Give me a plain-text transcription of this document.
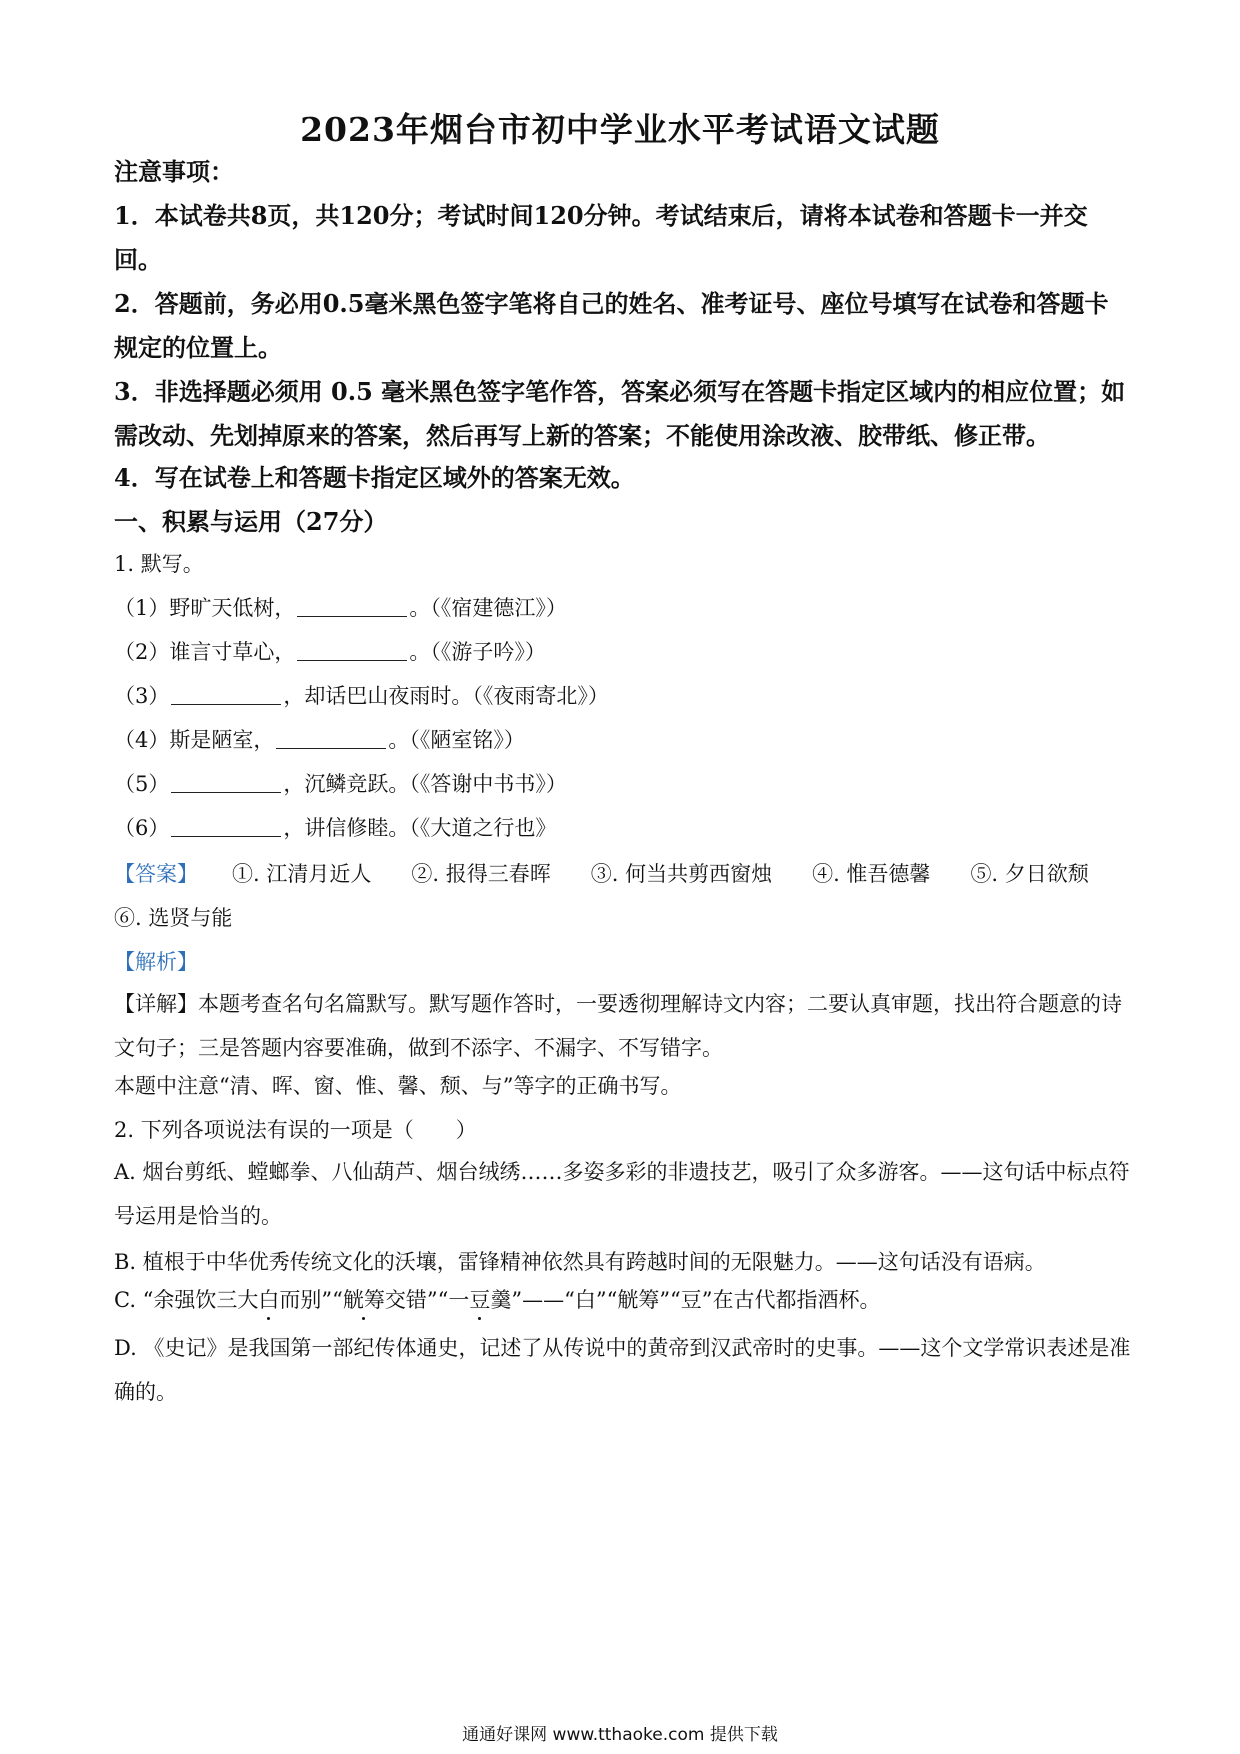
2023年烟台市初中学业水平考试语文试题
注意事项：
1．本试卷共8页，共120分；考试时间120分钟。考试结束后，请将本试卷和答题卡一并交回。
2．答题前，务必用0.5毫米黑色签字笔将自己的姓名、准考证号、座位号填写在试卷和答题卡规定的位置上。
3．非选择题必须用 0.5 毫米黑色签字笔作答，答案必须写在答题卡指定区域内的相应位置；如需改动、先划掉原来的答案，然后再写上新的答案；不能使用涂改液、胶带纸、修正带。
4．写在试卷上和答题卡指定区域外的答案无效。
一、积累与运用（27分）
1. 默写。
（1）野旷天低树，	。（《宿建德江》）
（2）谁言寸草心，	。（《游子吟》）
（3）	，却话巴山夜雨时。（《夜雨寄北》）
（4）斯是陋室，	。（《陋室铭》）
（5）	，沉鳞竞跃。（《答谢中书书》）
（6）	，讲信修睦。（《大道之行也》
【答案】 ①. 江清月近人 ②. 报得三春晖 ③. 何当共剪西窗烛 ④. 惟吾德馨 ⑤. 夕日欲颓
⑥. 选贤与能
【解析】
【详解】本题考查名句名篇默写。默写题作答时，一要透彻理解诗文内容；二要认真审题，找出符合题意的诗文句子；三是答题内容要准确，做到不添字、不漏字、不写错字。
本题中注意“清、晖、窗、惟、馨、颓、与”等字的正确书写。
2. 下列各项说法有误的一项是（　　）
A. 烟台剪纸、螳螂拳、八仙葫芦、烟台绒绣……多姿多彩的非遗技艺，吸引了众多游客。——这句话中标点符号运用是恰当的。
B. 植根于中华优秀传统文化的沃壤，雷锋精神依然具有跨越时间的无限魅力。——这句话没有语病。
C. “余强饮三大白而别”“觥筹交错”“一豆羹”——“白”“觥筹”“豆”在古代都指酒杯。
D. 《史记》是我国第一部纪传体通史，记述了从传说中的黄帝到汉武帝时的史事。——这个文学常识表述是准确的。
通通好课网 www.tthaoke.com 提供下载
